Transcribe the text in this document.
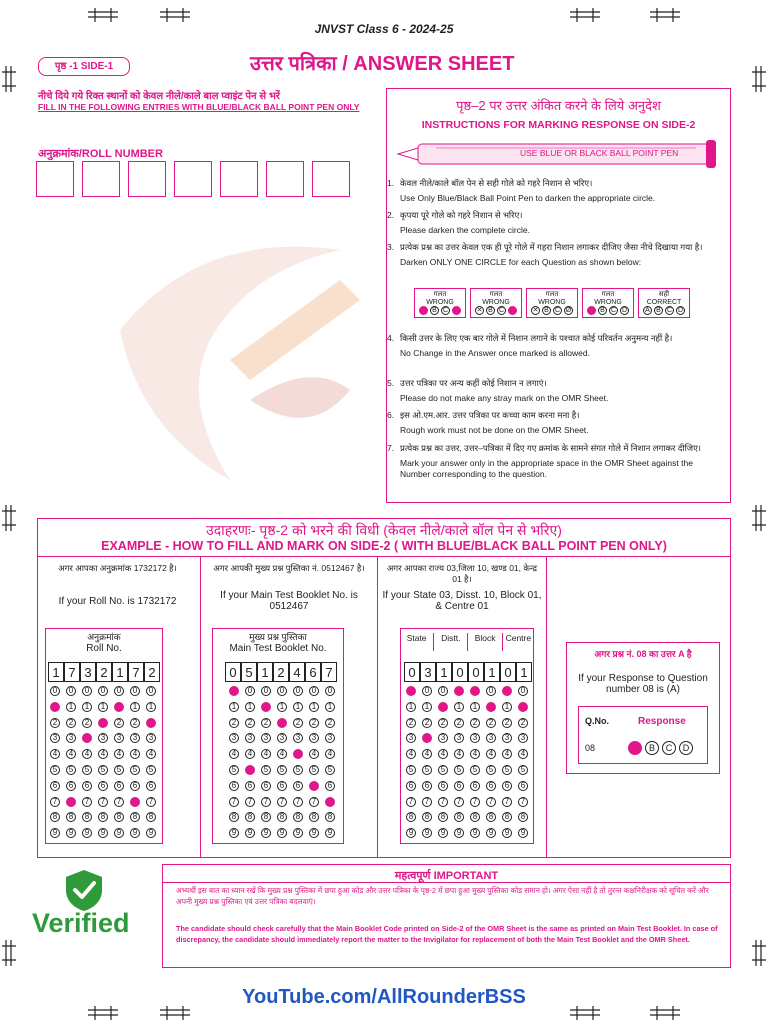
JNVST Class 6 - 2024-25
पृष्ठ -1 SIDE-1	उत्तर पत्रिका / ANSWER SHEET
नीचे दिये गये रिक्त स्थानों को केवल नीले/काले बाल प्वाइंट पेन से भरें
FILL IN THE FOLLOWING ENTRIES WITH BLUE/BLACK BALL POINT PEN ONLY
अनुक्रमांक/ROLL NUMBER
पृष्ठ–2 पर उत्तर अंकित करने के लिये अनुदेश
INSTRUCTIONS FOR MARKING RESPONSE ON SIDE-2
USE BLUE OR BLACK BALL POINT PEN
1. केवल नीले/काले बॉल पेन से सही गोले को गहरे निशान से भरिए।
Use Only Blue/Black Ball Point Pen to darken the appropriate circle.
2. कृपया पूरे गोले को गहरे निशान से भरिए।
Please darken the complete circle.
3. प्रत्येक प्रश्न का उत्तर केवल एक ही पूरे गोले में गहरा निशान लगाकर दीजिए जैसा नीचे दिखाया गया है।
Darken ONLY ONE CIRCLE for each Question as shown below:
गलत
WRONG
A B C D
गलत
WRONG
✕ B C D
गलत
WRONG
✕ B C Ø
गलत
WRONG
A B C D
सही
CORRECT
A B C D
4. किसी उत्तर के लिए एक बार गोले में निशान लगाने के पश्चात कोई परिवर्तन अनुमन्य नहीं है।
No Change in the Answer once marked is allowed.
5. उत्तर पत्रिका पर अन्य कहीं कोई निशान न लगाएं।
Please do not make any stray mark on the OMR Sheet.
6. इस ओ.एम.आर. उत्तर पत्रिका पर कच्चा काम करना मना है।
Rough work must not be done on the OMR Sheet.
7. प्रत्येक प्रश्न का उत्तर, उत्तर–पत्रिका में दिए गए क्रमांक के सामने संगत गोले में निशान लगाकर दीजिए।
Mark your answer only in the appropriate space in the OMR Sheet against the Number corresponding to the question.
उदाहरणः- पृष्ठ-2 को भरने की विधी (केवल नीले/काले बॉल पेन से भरिए)
EXAMPLE - HOW TO FILL AND MARK ON SIDE-2 ( WITH BLUE/BLACK BALL POINT PEN ONLY)
अगर आपका अनुक्रमांक 1732172 है।
If your Roll No. is 1732172
अगर आपकी मुख्य प्रश्न पुस्तिका नं. 0512467 है।
If your Main Test Booklet No. is 0512467
अगर आपका राज्य 03,जिला 10, खण्ड 01, केन्द्र 01 है।
If your State 03, Disst. 10, Block 01, & Centre 01
अनुक्रमांक
Roll No.
1 7 3 2 1 7 2
0	0	0	0	0	0	0
1	1	1	1	1	1	1
2	2	2	2	2	2	2
3	3	3	3	3	3	3
4	4	4	4	4	4	4
5	5	5	5	5	5	5
6	6	6	6	6	6	6
7	7	7	7	7	7	7
8	8	8	8	8	8	8
9	9	9	9	9	9	9
मुख्य प्रश्न पुस्तिका
Main Test Booklet No.
0 5 1 2 4 6 7
0	0	0	0	0	0	0
1	1	1	1	1	1	1
2	2	2	2	2	2	2
3	3	3	3	3	3	3
4	4	4	4	4	4	4
5	5	5	5	5	5	5
6	6	6	6	6	6	6
7	7	7	7	7	7	7
8	8	8	8	8	8	8
9	9	9	9	9	9	9
State	Distt.	Block	Centre
0 3 1 0 0 1 0 1
0	0	0	0	0	0	0	0
1	1	1	1	1	1	1	1
2	2	2	2	2	2	2	2
3	3	3	3	3	3	3	3
4	4	4	4	4	4	4	4
5	5	5	5	5	5	5	5
6	6	6	6	6	6	6	6
7	7	7	7	7	7	7	7
8	8	8	8	8	8	8	8
9	9	9	9	9	9	9	9
अगर प्रश्न नं. 08 का उत्तर A है
If your Response to Question number 08 is (A)
Q.No.	Response
08	A	B	C	D
महत्वपूर्ण IMPORTANT
अभ्यर्थी इस बात का ध्यान रखें कि मुख्य प्रश्न पुस्तिका में छपा हुआ कोड और उत्तर पत्रिका के पृष्ठ-2 में छपा हुआ मुख्य पुस्तिका कोड समान हो। अगर ऐसा नहीं है तो तुरन्त कक्षनिरीक्षक को सूचित करें और अपनी मुख्य प्रश्न पुस्तिका एवं उत्तर पत्रिका बदलवाएं।
The candidate should check carefully that the Main Booklet Code printed on Side-2 of the OMR Sheet is the same as printed on Main Test Booklet. In case of discrepancy, the candidate should immediately report the matter to the Invigilator for replacement of both the Main Test Booklet and the OMR Sheet.
Verified
YouTube.com/AllRounderBSS
